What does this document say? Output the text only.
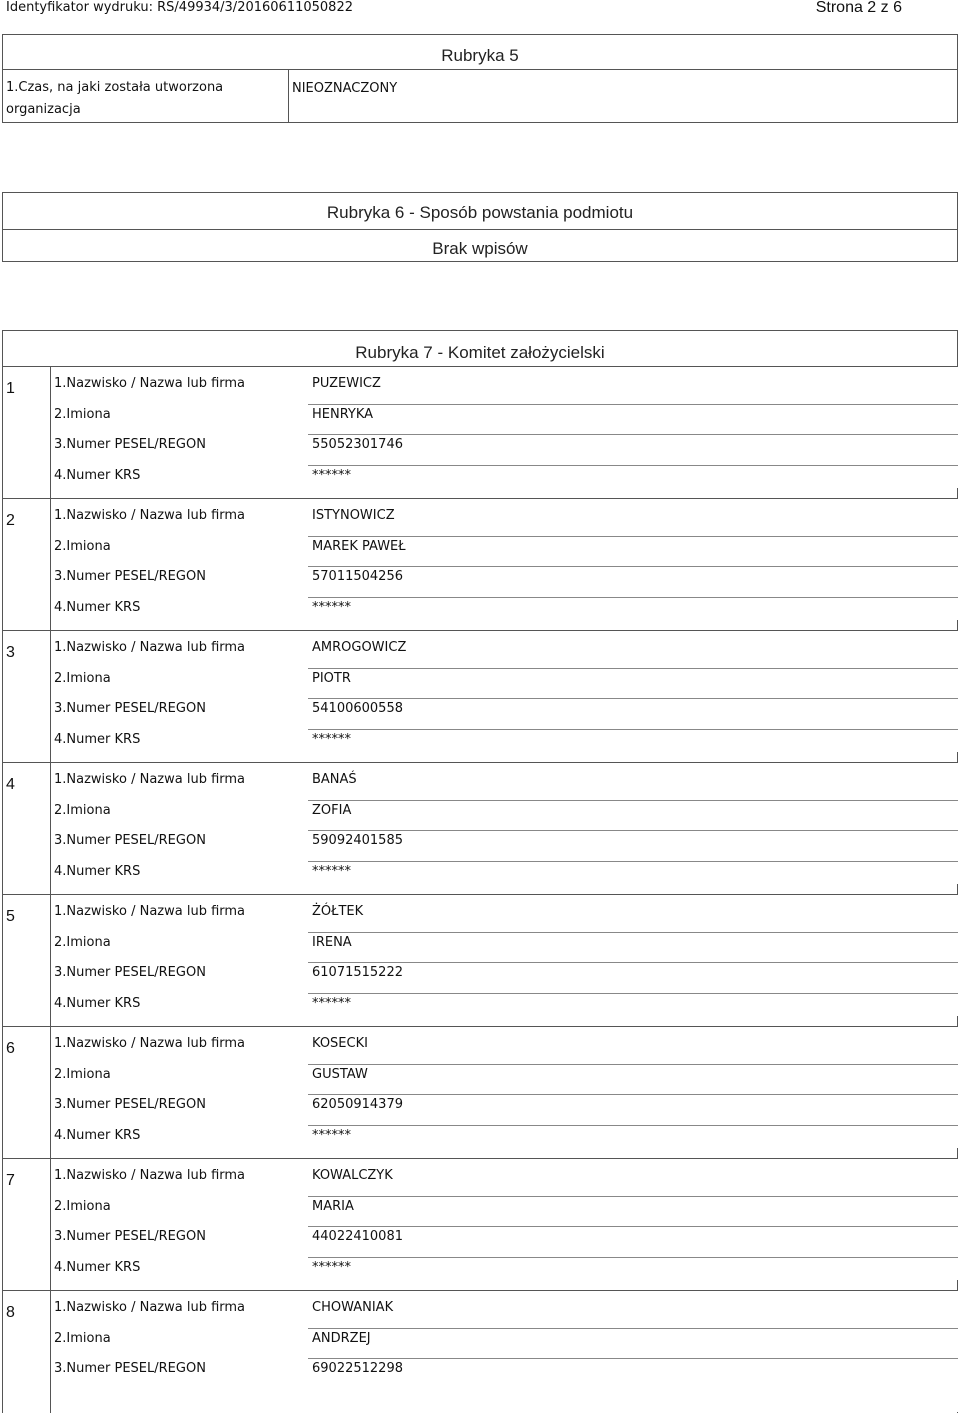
Identyfikator wydruku: RS/49934/3/20160611050822	Strona 2 z 6
Rubryka 5
1.Czas, na jaki została utworzona organizacja
NIEOZNACZONY
Rubryka 6 - Sposób powstania podmiotu
Brak wpisów
Rubryka 7 - Komitet założycielski
1	1.Nazwisko / Nazwa lub firma	PUZEWICZ
2.Imiona	HENRYKA
3.Numer PESEL/REGON	55052301746
4.Numer KRS	******
2	1.Nazwisko / Nazwa lub firma	ISTYNOWICZ
2.Imiona	MAREK PAWEŁ
3.Numer PESEL/REGON	57011504256
4.Numer KRS	******
3	1.Nazwisko / Nazwa lub firma	AMROGOWICZ
2.Imiona	PIOTR
3.Numer PESEL/REGON	54100600558
4.Numer KRS	******
4	1.Nazwisko / Nazwa lub firma	BANAŚ
2.Imiona	ZOFIA
3.Numer PESEL/REGON	59092401585
4.Numer KRS	******
5	1.Nazwisko / Nazwa lub firma	ŻÓŁTEK
2.Imiona	IRENA
3.Numer PESEL/REGON	61071515222
4.Numer KRS	******
6	1.Nazwisko / Nazwa lub firma	KOSECKI
2.Imiona	GUSTAW
3.Numer PESEL/REGON	62050914379
4.Numer KRS	******
7	1.Nazwisko / Nazwa lub firma	KOWALCZYK
2.Imiona	MARIA
3.Numer PESEL/REGON	44022410081
4.Numer KRS	******
8	1.Nazwisko / Nazwa lub firma	CHOWANIAK
2.Imiona	ANDRZEJ
3.Numer PESEL/REGON	69022512298
